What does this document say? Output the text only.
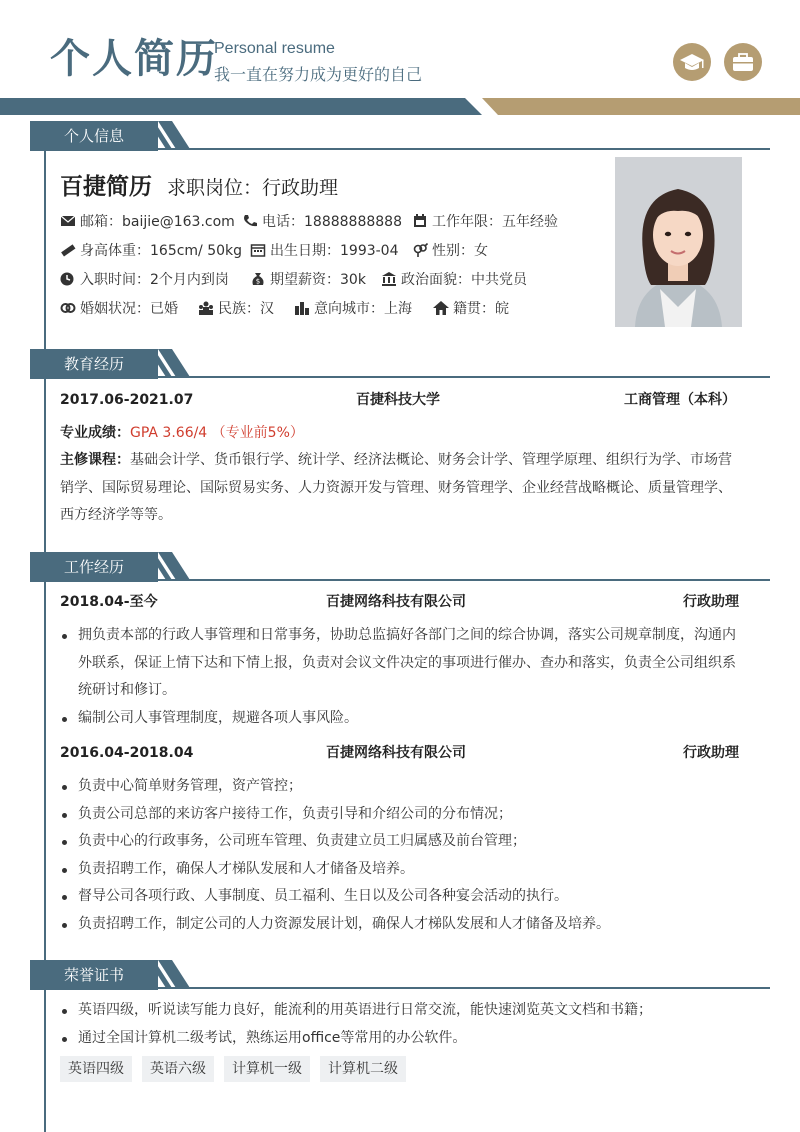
个人简历
Personal resume
我一直在努力成为更好的自己
个人信息
百捷简历 求职岗位：行政助理
邮箱：baijie@163.com	电话：18888888888	工作年限：五年经验
身高体重：165cm/ 50kg	出生日期：1993-04	性别：女
入职时间：2个月内到岗	$ 期望薪资：30k	政治面貌：中共党员
婚姻状况：已婚	民族：汉	意向城市：上海	籍贯：皖
教育经历
2017.06-2021.07	百捷科技大学	工商管理（本科）
专业成绩：GPA 3.66/4 （专业前5%）
主修课程：基础会计学、货币银行学、统计学、经济法概论、财务会计学、管理学原理、组织行为学、市场营销学、国际贸易理论、国际贸易实务、人力资源开发与管理、财务管理学、企业经营战略概论、质量管理学、西方经济学等等。
工作经历
2018.04-至今	百捷网络科技有限公司	行政助理
拥负责本部的行政人事管理和日常事务，协助总监搞好各部门之间的综合协调，落实公司规章制度，沟通内外联系，保证上情下达和下情上报，负责对会议文件决定的事项进行催办、查办和落实，负责全公司组织系统研讨和修订。
编制公司人事管理制度，规避各项人事风险。
2016.04-2018.04	百捷网络科技有限公司	行政助理
负责中心简单财务管理，资产管控；
负责公司总部的来访客户接待工作，负责引导和介绍公司的分布情况；
负责中心的行政事务，公司班车管理、负责建立员工归属感及前台管理；
负责招聘工作，确保人才梯队发展和人才储备及培养。
督导公司各项行政、人事制度、员工福利、生日以及公司各种宴会活动的执行。
负责招聘工作，制定公司的人力资源发展计划，确保人才梯队发展和人才储备及培养。
荣誉证书
英语四级，听说读写能力良好，能流利的用英语进行日常交流，能快速浏览英文文档和书籍；
通过全国计算机二级考试，熟练运用office等常用的办公软件。
英语四级 英语六级 计算机一级 计算机二级
